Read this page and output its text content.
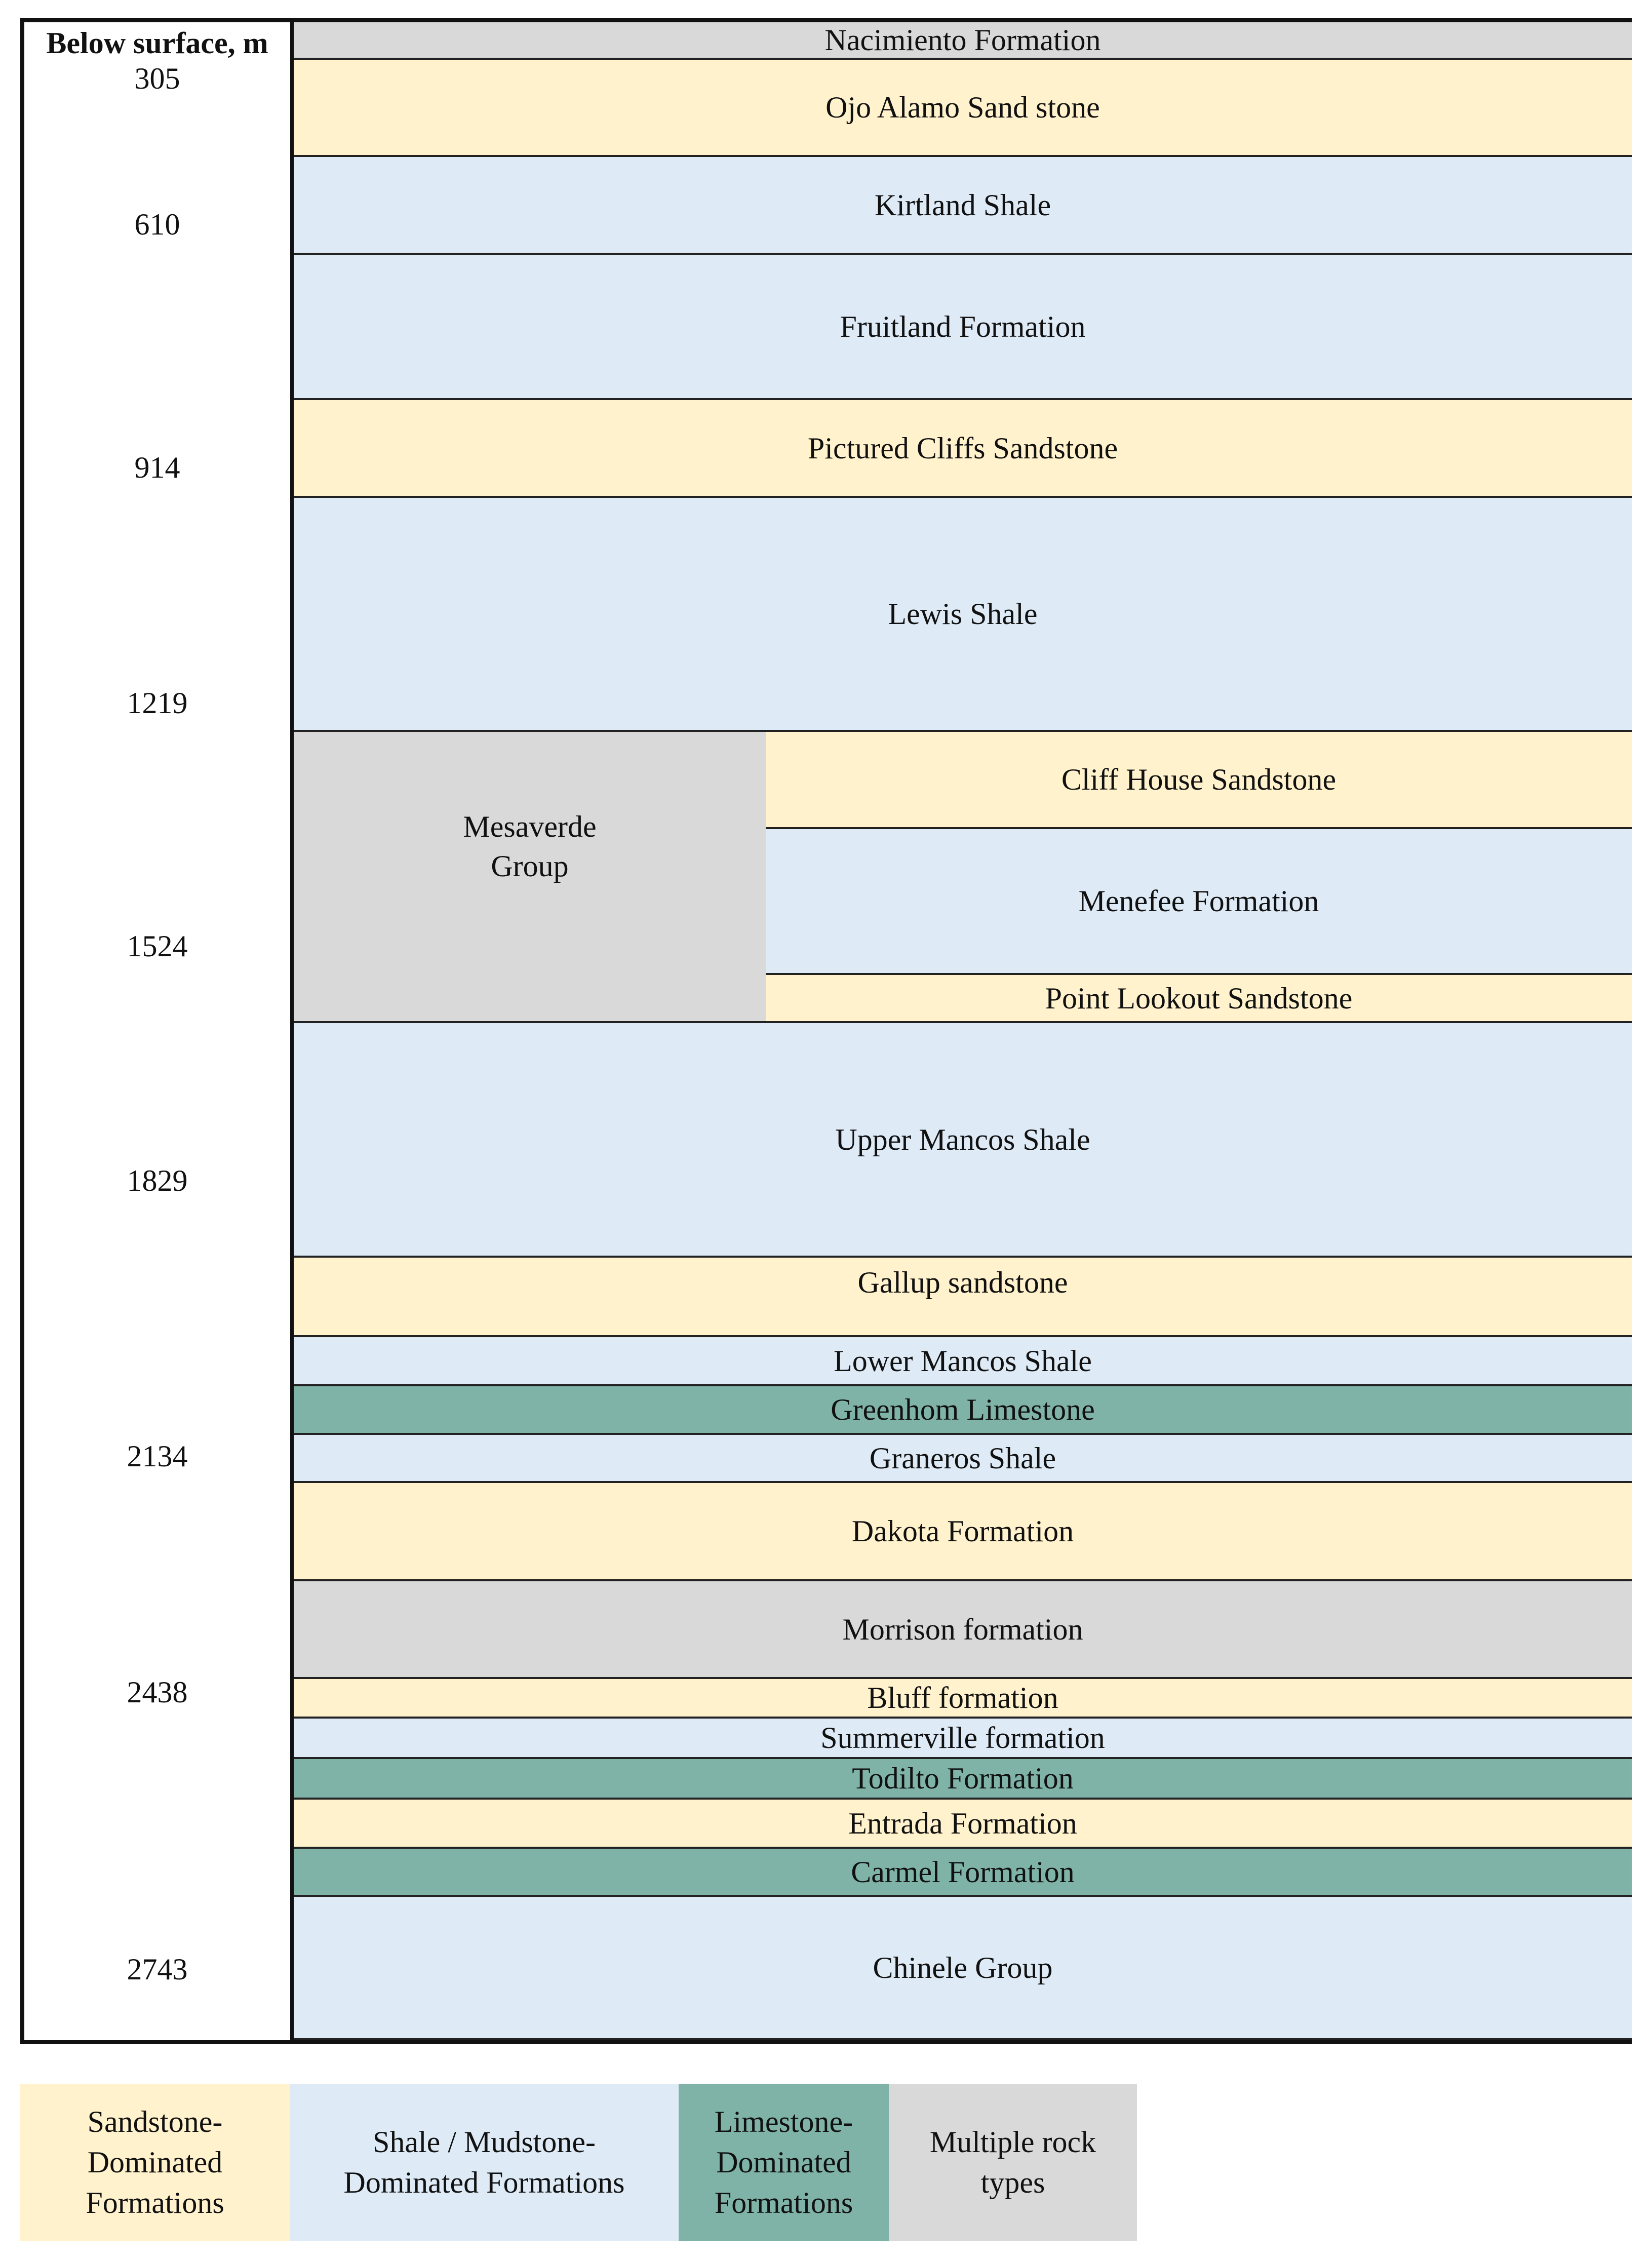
Below surface, m
305
610
914
1219
1524
1829
2134
2438
2743
Nacimiento Formation
Ojo Alamo Sand stone
Kirtland Shale
Fruitland Formation
Pictured Cliffs Sandstone
Lewis Shale
Cliff House Sandstone
Menefee Formation
Point Lookout Sandstone
Upper Mancos Shale
Gallup sandstone
Lower Mancos Shale
Greenhom Limestone
Graneros Shale
Dakota Formation
Morrison formation
Bluff formation
Summerville formation
Todilto Formation
Entrada Formation
Carmel Formation
Chinele Group
Mesaverde
Group
Sandstone-
Dominated
Formations
Shale / Mudstone-
Dominated Formations
Limestone-
Dominated
Formations
Multiple rock
types
